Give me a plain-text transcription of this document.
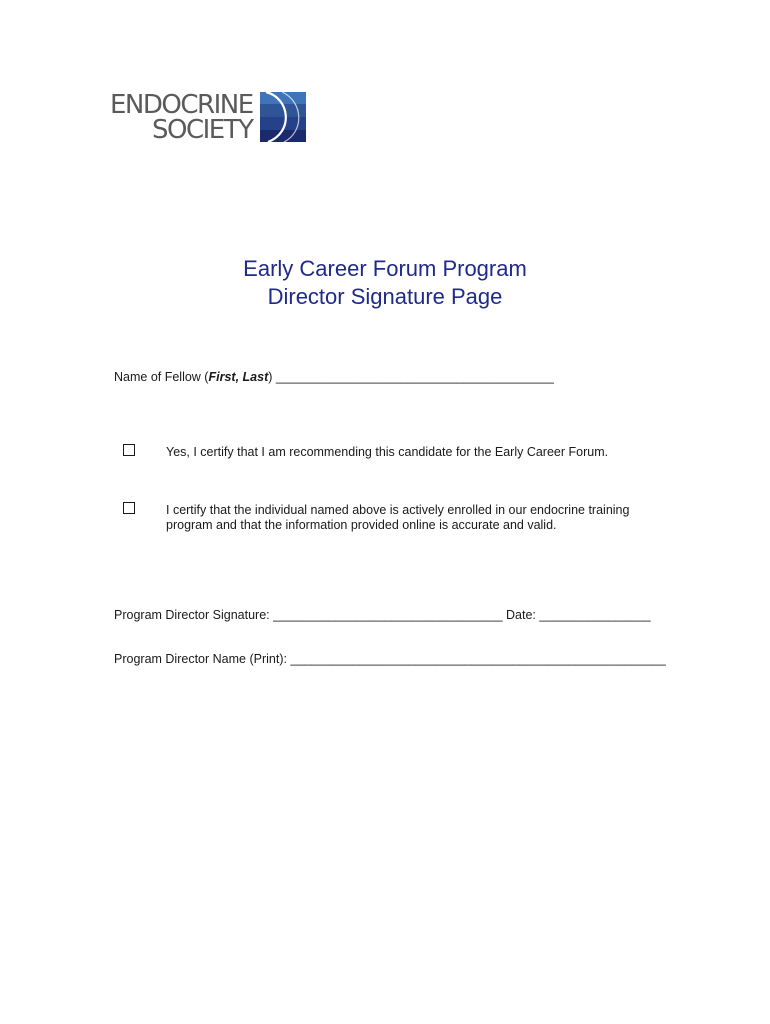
ENDOCRINE
SOCIETY
Early Career Forum Program
Director Signature Page
Name of Fellow (First, Last) ________________________________________
Yes, I certify that I am recommending this candidate for the Early Career Forum.
I certify that the individual named above is actively enrolled in our endocrine training program and that the information provided online is accurate and valid.
Program Director Signature: _________________________________ Date: ________________
Program Director Name (Print): ______________________________________________________
